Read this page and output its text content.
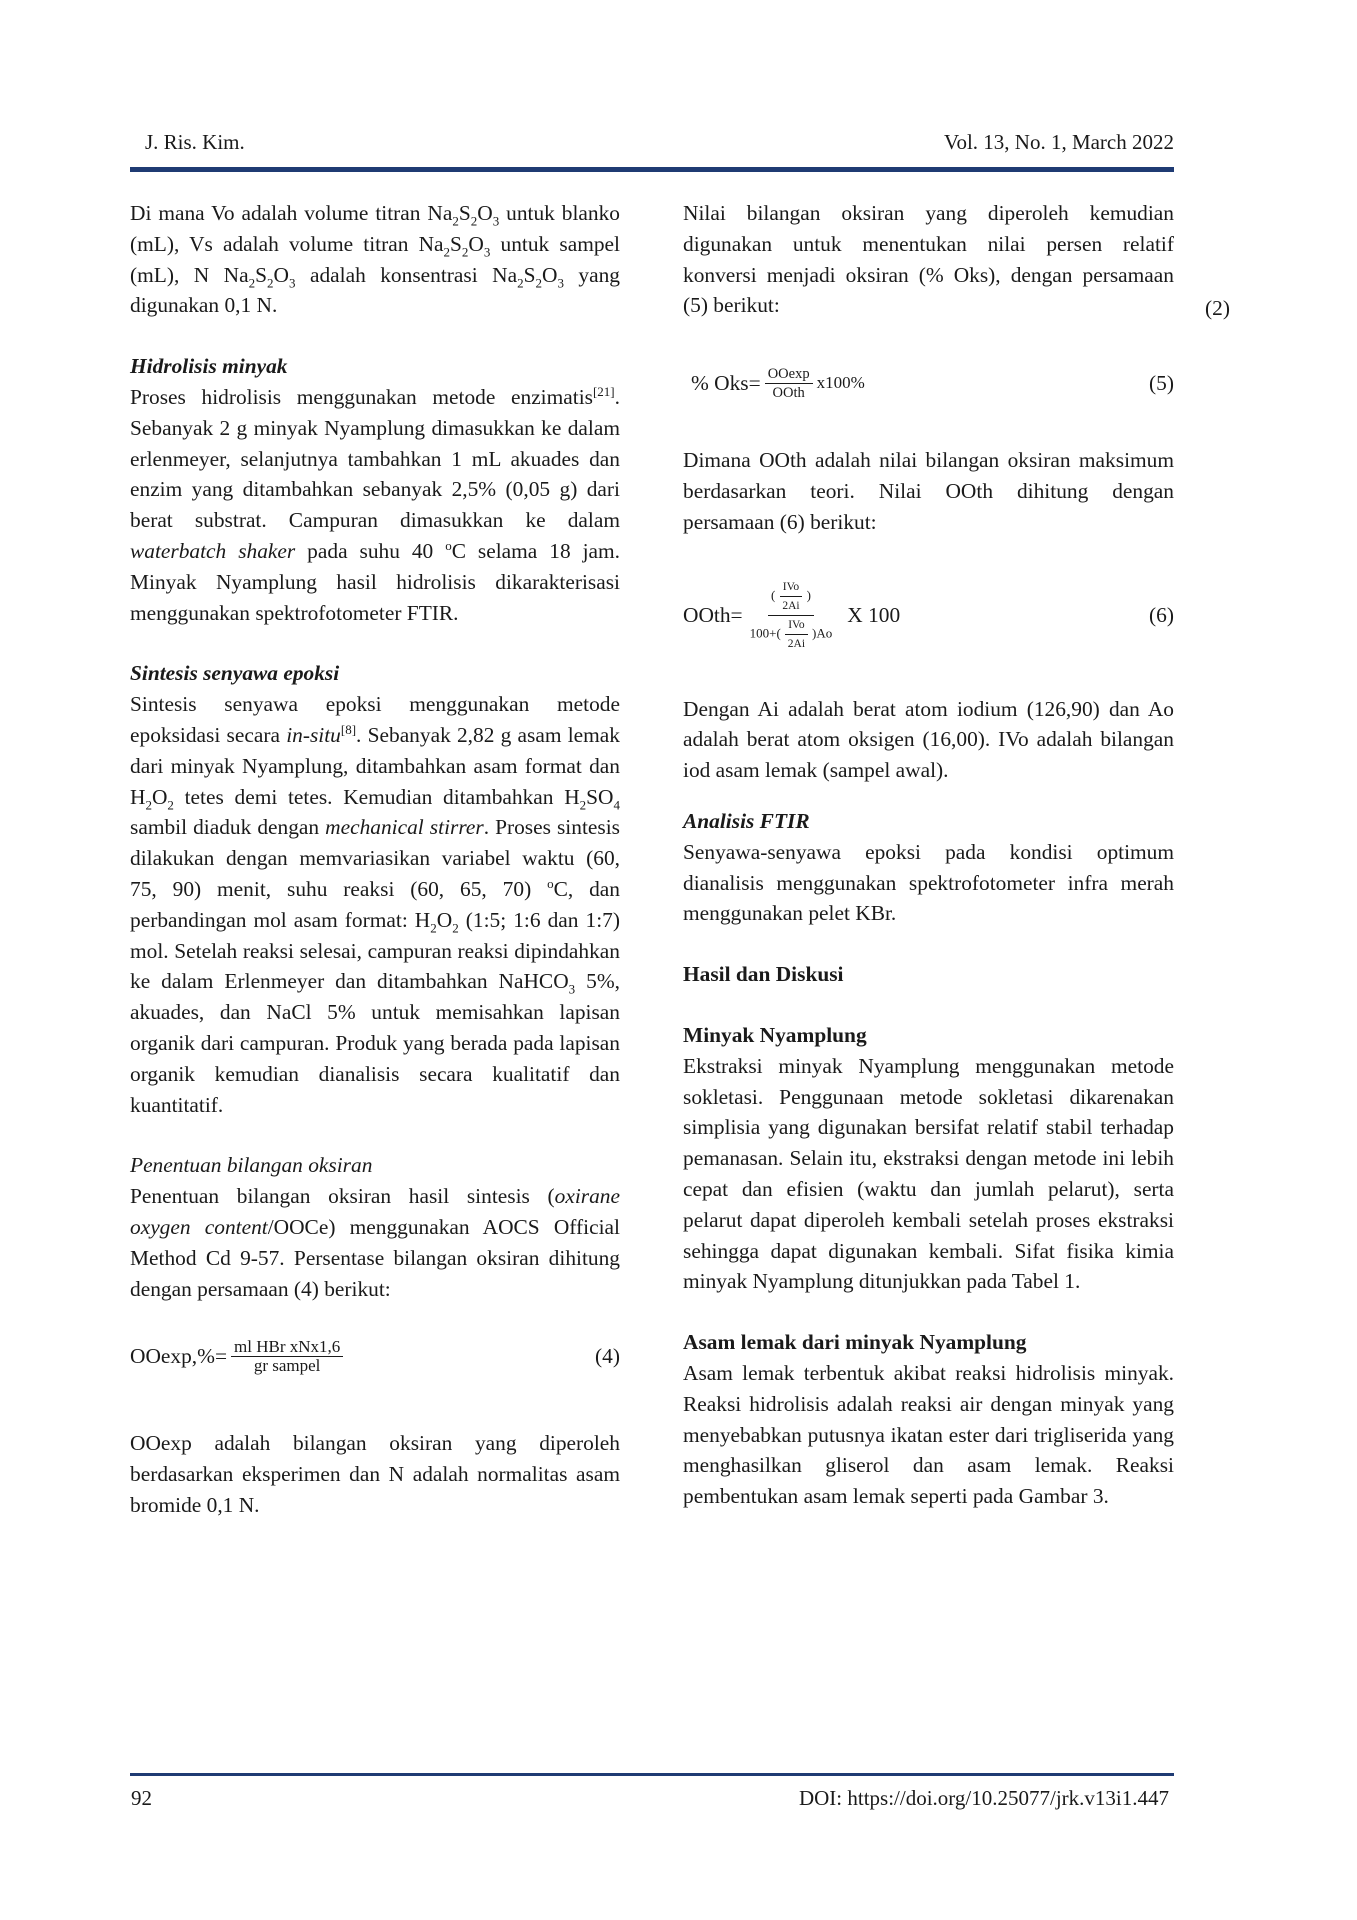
J. Ris. Kim.	Vol. 13, No. 1, March 2022
(2)

Di mana Vo adalah volume titran $Na_2S_2O_3$ untuk blanko (mL), Vs adalah volume titran $Na_2S_2O_3$ untuk sampel (mL), N $Na_2S_2O_3$ adalah konsentrasi $Na_2S_2O_3$ yang digunakan 0,1 N.

Hidrolisis minyak

Proses hidrolisis menggunakan metode enzimatis[21]. Sebanyak 2 g minyak Nyamplung dimasukkan ke dalam erlenmeyer, selanjutnya tambahkan 1 mL akuades dan enzim yang ditambahkan sebanyak 2,5% (0,05 g) dari berat substrat. Campuran dimasukkan ke dalam waterbatch shaker pada suhu 40 $^o$C selama 18 jam. Minyak Nyamplung hasil hidrolisis dikarakterisasi menggunakan spektrofotometer FTIR.

Sintesis senyawa epoksi

Sintesis senyawa epoksi menggunakan metode epoksidasi secara in-situ[8]. Sebanyak 2,82 g asam lemak dari minyak Nyamplung, ditambahkan asam format dan $H_2O_2$ tetes demi tetes. Kemudian ditambahkan $H_2SO_4$ sambil diaduk dengan mechanical stirrer. Proses sintesis dilakukan dengan memvariasikan variabel waktu (60, 75, 90) menit, suhu reaksi (60, 65, 70) $^o$C, dan perbandingan mol asam format: $H_2O_2$ (1:5; 1:6 dan 1:7) mol. Setelah reaksi selesai, campuran reaksi dipindahkan ke dalam Erlenmeyer dan ditambahkan NaHCO$_3$ 5%, akuades, dan NaCl 5% untuk memisahkan lapisan organik dari campuran. Produk yang berada pada lapisan organik kemudian dianalisis secara kualitatif dan kuantitatif.

Penentuan bilangan oksiran

Penentuan bilangan oksiran hasil sintesis (oxirane oxygen content/OOCe) menggunakan AOCS Official Method Cd 9-57. Persentase bilangan oksiran dihitung dengan persamaan (4) berikut:

$OOexp,\%= \frac{\text{ml HBr xNx1,6}}{\text{gr sampel}}$	(4)

OOexp adalah bilangan oksiran yang diperoleh berdasarkan eksperimen dan N adalah normalitas asam bromide 0,1 N.

Nilai bilangan oksiran yang diperoleh kemudian digunakan untuk menentukan nilai persen relatif konversi menjadi oksiran (% Oks), dengan persamaan (5) berikut:

% $Oks= \frac{OOexp}{\text{OOth}} x100\%$	(5)

Dimana OOth adalah nilai bilangan oksiran maksimum berdasarkan teori. Nilai OOth dihitung dengan persamaan (6) berikut:

OOth= $\frac{( \frac{\text{IVo}}{2Ai} )}{100+( \frac{\text{IVo}}{2Ai} )Ao}$ X 100	(6)

Dengan Ai adalah berat atom iodium (126,90) dan Ao adalah berat atom oksigen (16,00). IVo adalah bilangan iod asam lemak (sampel awal).

Analisis FTIR

Senyawa-senyawa epoksi pada kondisi optimum dianalisis menggunakan spektrofotometer infra merah menggunakan pelet KBr.

Hasil dan Diskusi
Minyak Nyamplung

Ekstraksi minyak Nyamplung menggunakan metode sokletasi. Penggunaan metode sokletasi dikarenakan simplisia yang digunakan bersifat relatif stabil terhadap pemanasan. Selain itu, ekstraksi dengan metode ini lebih cepat dan efisien (waktu dan jumlah pelarut), serta pelarut dapat diperoleh kembali setelah proses ekstraksi sehingga dapat digunakan kembali. Sifat fisika kimia minyak Nyamplung ditunjukkan pada Tabel 1.

Asam lemak dari minyak Nyamplung

Asam lemak terbentuk akibat reaksi hidrolisis minyak. Reaksi hidrolisis adalah reaksi air dengan minyak yang menyebabkan putusnya ikatan ester dari trigliserida yang menghasilkan gliserol dan asam lemak. Reaksi pembentukan asam lemak seperti pada Gambar 3.

92	DOI: https://doi.org/10.25077/jrk.v13i1.447
